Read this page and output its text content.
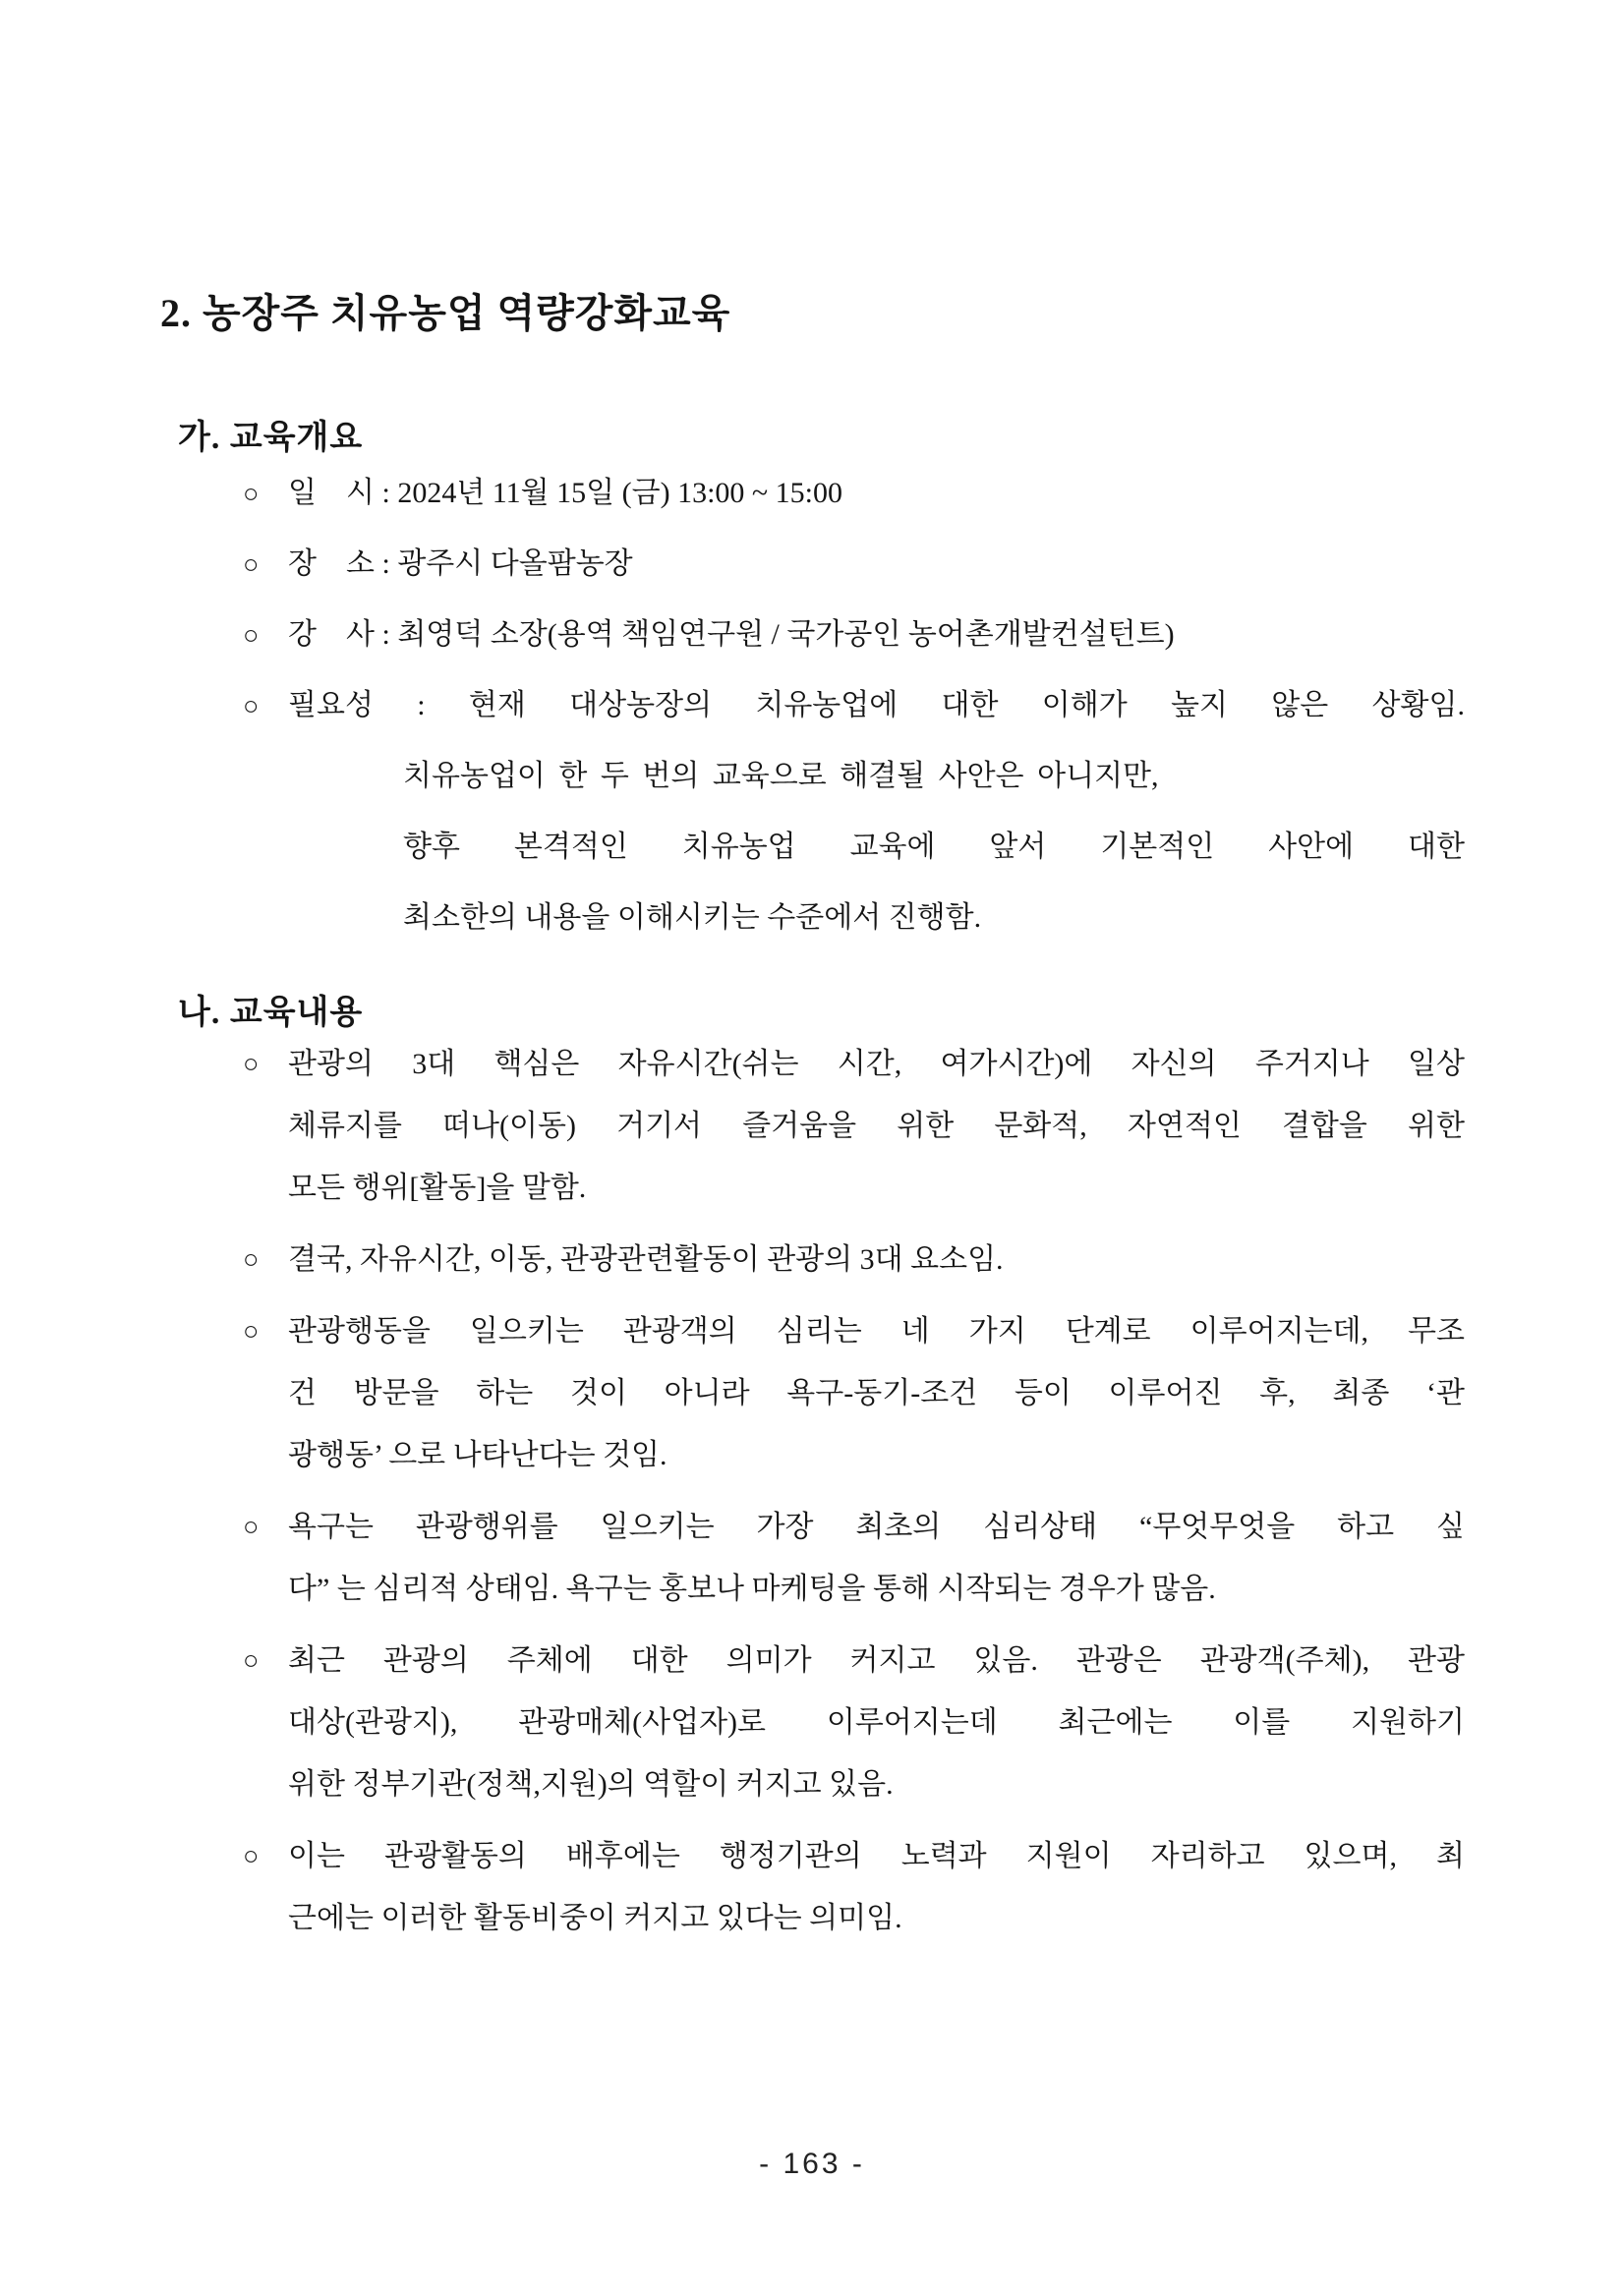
2. 농장주 치유농업 역량강화교육
가. 교육개요
○ 일　시 : 2024년 11월 15일 (금) 13:00 ~ 15:00
○ 장　소 : 광주시 다올팜농장
○ 강　사 : 최영덕 소장(용역 책임연구원 / 국가공인 농어촌개발컨설턴트)
○ 필요성 : 현재 대상농장의 치유농업에 대한 이해가 높지 않은 상황임.
치유농업이 한 두 번의 교육으로 해결될 사안은 아니지만,
향후 본격적인 치유농업 교육에 앞서 기본적인 사안에 대한
최소한의 내용을 이해시키는 수준에서 진행함.
나. 교육내용
○ 관광의 3대 핵심은 자유시간(쉬는 시간, 여가시간)에 자신의 주거지나 일상
체류지를 떠나(이동) 거기서 즐거움을 위한 문화적, 자연적인 결합을 위한
모든 행위[활동]을 말함.
○ 결국, 자유시간, 이동, 관광관련활동이 관광의 3대 요소임.
○ 관광행동을 일으키는 관광객의 심리는 네 가지 단계로 이루어지는데, 무조
건 방문을 하는 것이 아니라 욕구-동기-조건 등이 이루어진 후, 최종 ‘관
광행동’ 으로 나타난다는 것임.
○ 욕구는 관광행위를 일으키는 가장 최초의 심리상태 “무엇무엇을 하고 싶
다” 는 심리적 상태임. 욕구는 홍보나 마케팅을 통해 시작되는 경우가 많음.
○ 최근 관광의 주체에 대한 의미가 커지고 있음. 관광은 관광객(주체), 관광
대상(관광지), 관광매체(사업자)로 이루어지는데 최근에는 이를 지원하기
위한 정부기관(정책,지원)의 역할이 커지고 있음.
○ 이는 관광활동의 배후에는 행정기관의 노력과 지원이 자리하고 있으며, 최
근에는 이러한 활동비중이 커지고 있다는 의미임.
- 163 -
